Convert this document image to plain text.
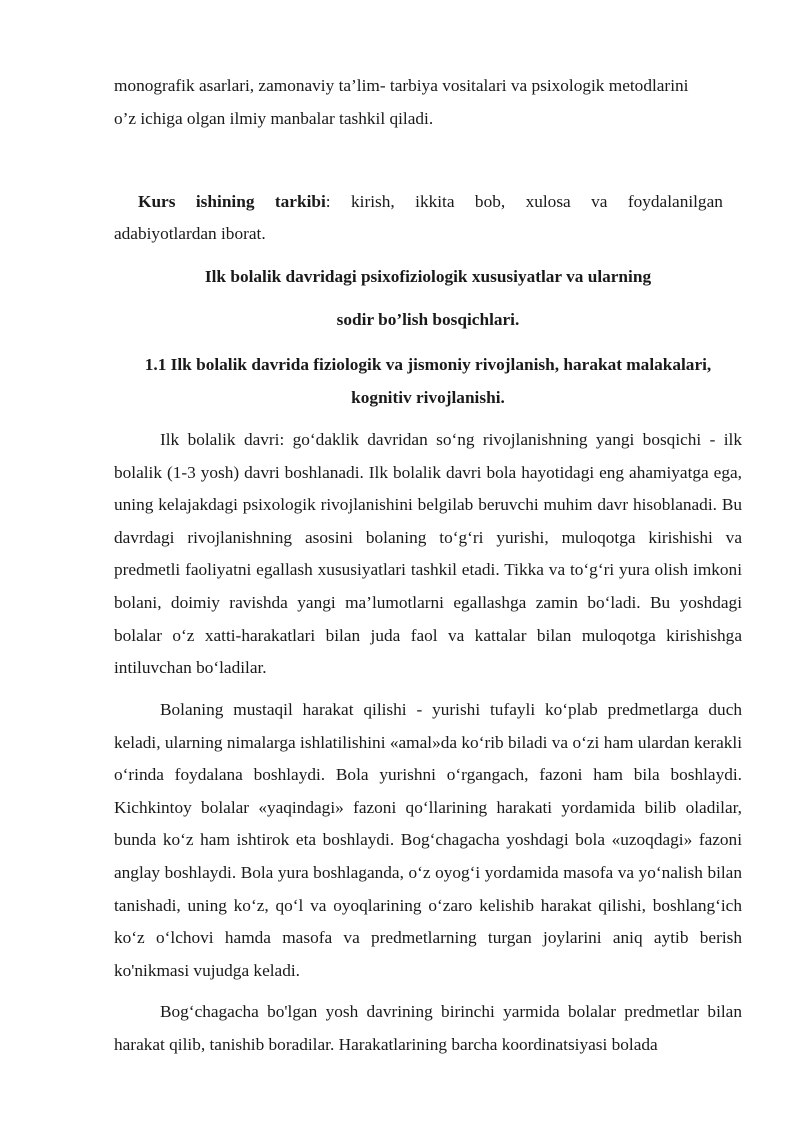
monografik asarlari, zamonaviy ta’lim- tarbiya vositalari va psixologik metodlarini
o’z ichiga olgan ilmiy manbalar tashkil qiladi.

Kurs ishining tarkibi: kirish, ikkita bob, xulosa va foydalanilgan

adabiyotlardan iborat.

Ilk bolalik davridagi psixofiziologik xususiyatlar va ularning
sodir bo’lish bosqichlari.

1.1 Ilk bolalik davrida fiziologik va jismoniy rivojlanish, harakat malakalari,
kognitiv rivojlanishi.

Ilk bolalik davri: go‘daklik davridan so‘ng rivojlanishning yangi bosqichi - ilk bolalik (1-3 yosh) davri boshlanadi. Ilk bolalik davri bola hayotidagi eng ahamiyatga ega, uning kelajakdagi psixologik rivojlanishini belgilab beruvchi muhim davr hisoblanadi. Bu davrdagi rivojlanishning asosini bolaning to‘g‘ri yurishi, muloqotga kirishishi va predmetli faoliyatni egallash xususiyatlari tashkil etadi. Tikka va to‘g‘ri yura olish imkoni bolani, doimiy ravishda yangi ma’lumotlarni egallashga zamin bo‘ladi. Bu yoshdagi bolalar o‘z xatti-harakatlari bilan juda faol va kattalar bilan muloqotga kirishishga intiluvchan bo‘ladilar.

Bolaning mustaqil harakat qilishi - yurishi tufayli ko‘plab predmetlarga duch keladi, ularning nimalarga ishlatilishini «amal»da ko‘rib biladi va o‘zi ham ulardan kerakli o‘rinda foydalana boshlaydi. Bola yurishni o‘rgangach, fazoni ham bila boshlaydi. Kichkintoy bolalar «yaqindagi» fazoni qo‘llarining harakati yordamida bilib oladilar, bunda ko‘z ham ishtirok eta boshlaydi. Bog‘chagacha yoshdagi bola «uzoqdagi» fazoni anglay boshlaydi. Bola yura boshlaganda, o‘z oyog‘i yordamida masofa va yo‘nalish bilan tanishadi, uning ko‘z, qo‘l va oyoqlarining o‘zaro kelishib harakat qilishi, boshlang‘ich ko‘z o‘lchovi hamda masofa va predmetlarning turgan joylarini aniq aytib berish ko'nikmasi vujudga keladi.

Bog‘chagacha bo'lgan yosh davrining birinchi yarmida bolalar predmetlar bilan harakat qilib, tanishib boradilar. Harakatlarining barcha koordinatsiyasi bolada
